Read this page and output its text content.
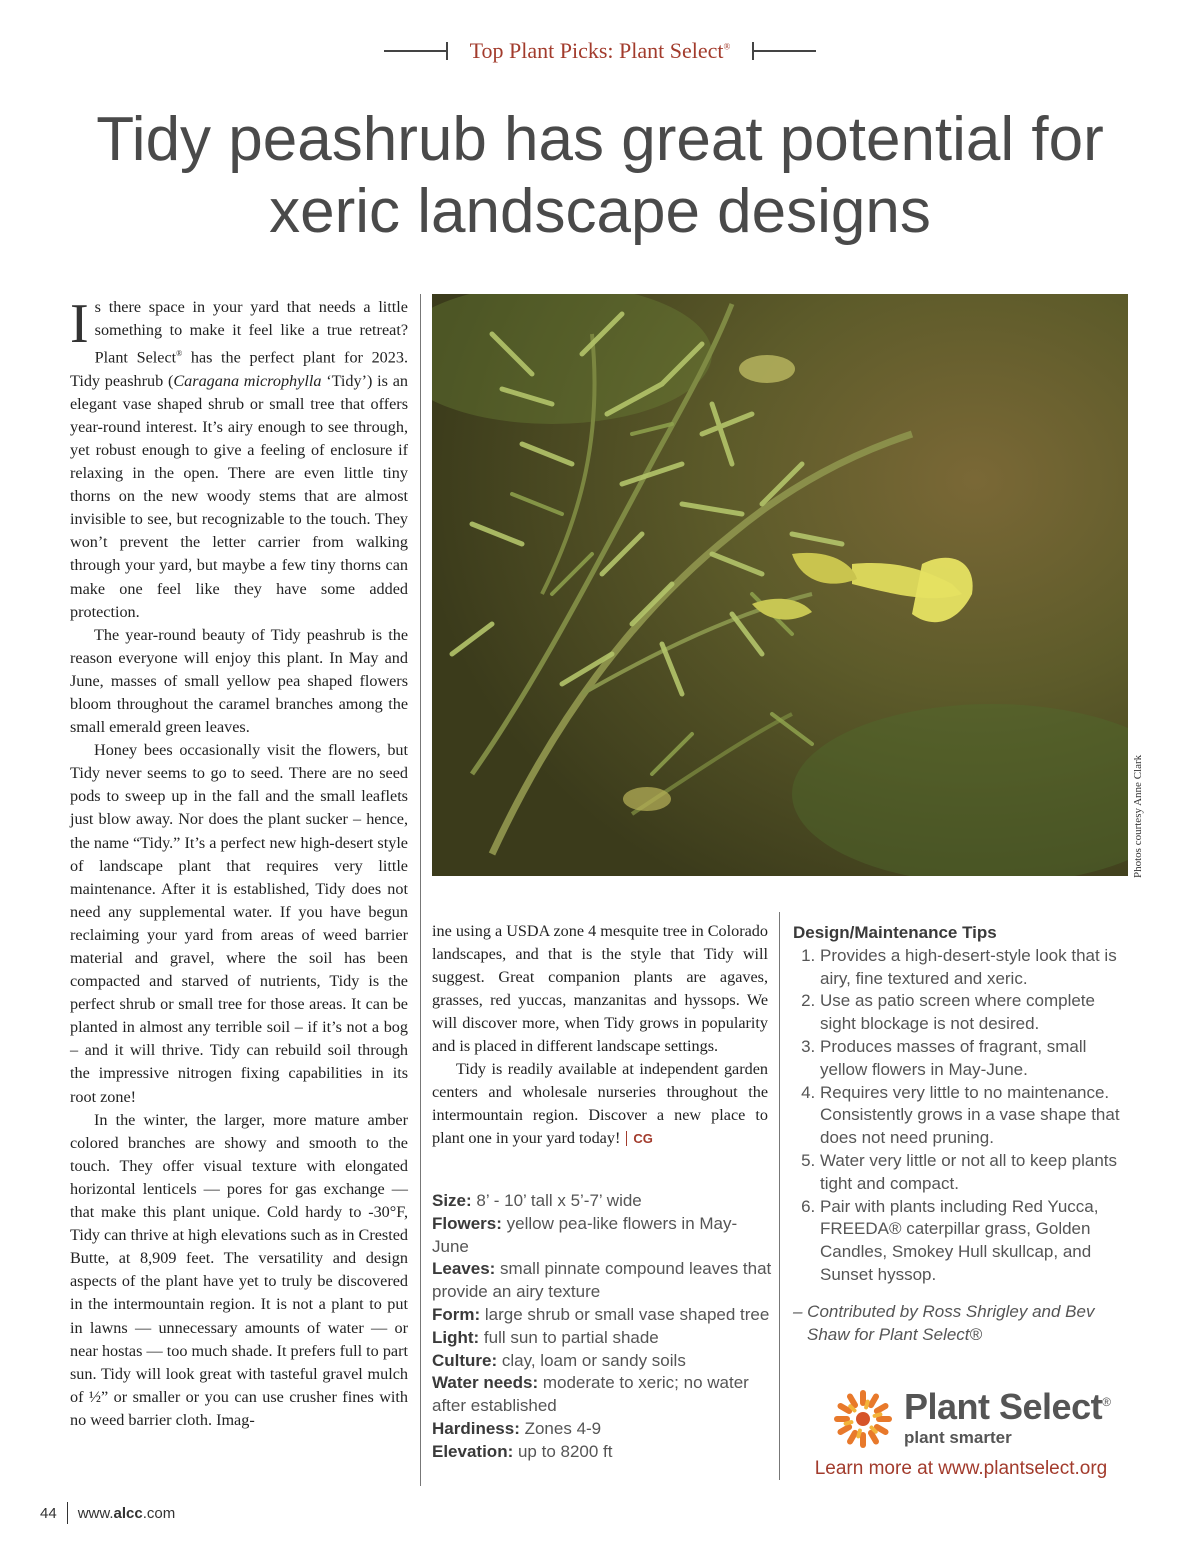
Top Plant Picks: Plant Select®
Tidy peashrub has great potential for
xeric landscape designs

Is there space in your yard that needs a little something to make it feel like a true retreat? Plant Select® has the perfect plant for 2023. Tidy peashrub (Caragana microphylla ‘Tidy’) is an elegant vase shaped shrub or small tree that offers year-round interest. It’s airy enough to see through, yet robust enough to give a feeling of enclosure if relaxing in the open. There are even little tiny thorns on the new woody stems that are almost invisible to see, but recognizable to the touch. They won’t prevent the letter carrier from walking through your yard, but maybe a few tiny thorns can make one feel like they have some added protection.

The year-round beauty of Tidy peashrub is the reason everyone will enjoy this plant. In May and June, masses of small yellow pea shaped flowers bloom throughout the caramel branches among the small emerald green leaves.

Honey bees occasionally visit the flowers, but Tidy never seems to go to seed. There are no seed pods to sweep up in the fall and the small leaflets just blow away. Nor does the plant sucker – hence, the name “Tidy.” It’s a perfect new high-desert style of landscape plant that requires very little maintenance. After it is established, Tidy does not need any supplemental water. If you have begun reclaiming your yard from areas of weed barrier material and gravel, where the soil has been compacted and starved of nutrients, Tidy is the perfect shrub or small tree for those areas. It can be planted in almost any terrible soil – if it’s not a bog – and it will thrive. Tidy can rebuild soil through the impressive nitrogen fixing capabilities in its root zone!

In the winter, the larger, more mature amber colored branches are showy and smooth to the touch. They offer visual texture with elongated horizontal lenticels — pores for gas exchange — that make this plant unique. Cold hardy to -30°F, Tidy can thrive at high elevations such as in Crested Butte, at 8,909 feet. The versatility and design aspects of the plant have yet to truly be discovered in the intermountain region. It is not a plant to put in lawns — unnecessary amounts of water — or near hostas — too much shade. It prefers full to part sun. Tidy will look great with tasteful gravel mulch of ½” or smaller or you can use crusher fines with no weed barrier cloth. Imag-

Photos courtesy Anne Clark

ine using a USDA zone 4 mesquite tree in Colorado landscapes, and that is the style that Tidy will suggest. Great companion plants are agaves, grasses, red yuccas, manzanitas and hyssops. We will discover more, when Tidy grows in popularity and is placed in different landscape settings.

Tidy is readily available at independent garden centers and wholesale nurseries throughout the intermountain region. Discover a new place to plant one in your yard today! CG

Size: 8’ - 10’ tall x 5’-7’ wide
Flowers: yellow pea-like flowers in May-June
Leaves: small pinnate compound leaves that provide an airy texture
Form: large shrub or small vase shaped tree
Light: full sun to partial shade
Culture: clay, loam or sandy soils
Water needs: moderate to xeric; no water after established
Hardiness: Zones 4-9
Elevation: up to 8200 ft
Design/Maintenance Tips
1. Provides a high-desert-style look that is airy, fine textured and xeric.
2. Use as patio screen where complete sight blockage is not desired.
3. Produces masses of fragrant, small yellow flowers in May-June.
4. Requires very little to no maintenance. Consistently grows in a vase shape that does not need pruning.
5. Water very little or not all to keep plants tight and compact.
6. Pair with plants including Red Yucca, FREEDA® caterpillar grass, Golden Candles, Smokey Hull skullcap, and Sunset hyssop.
– Contributed by Ross Shrigley and Bev Shaw for Plant Select®
Plant Select®
plant smarter
Learn more at www.plantselect.org
44 www.alcc.com
